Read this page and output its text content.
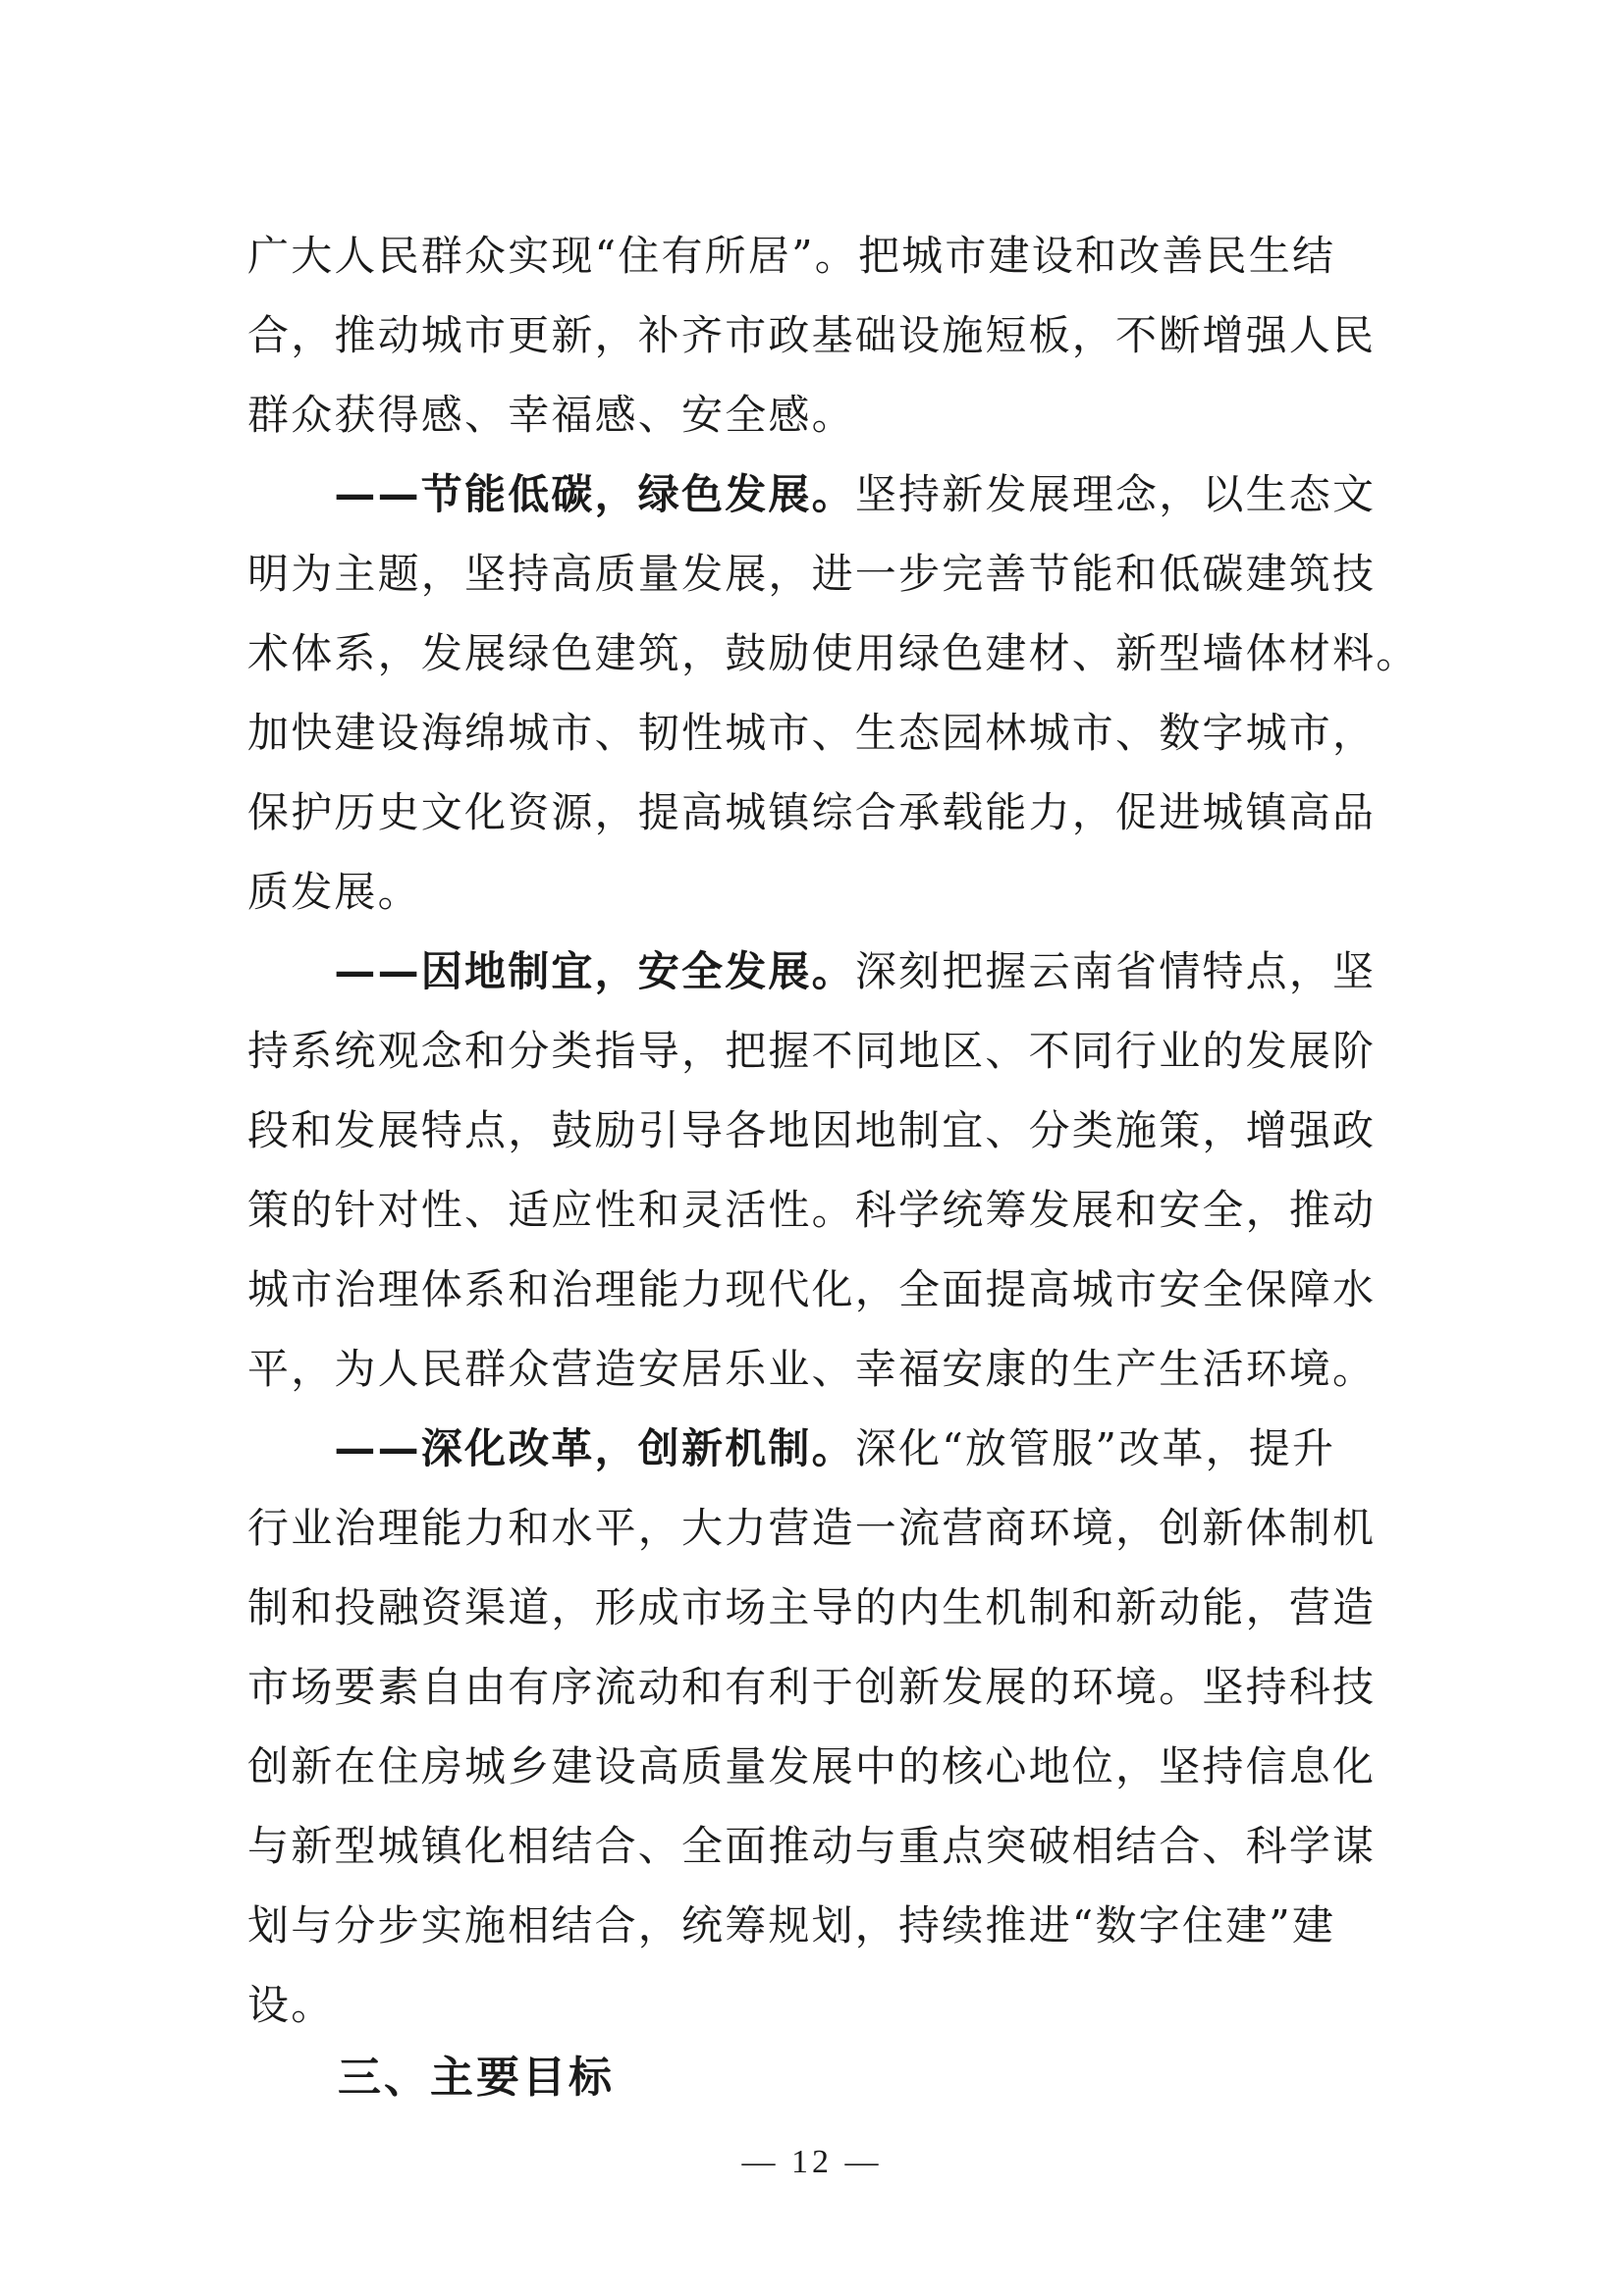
广大人民群众实现“住有所居”。把城市建设和改善民生结
合，推动城市更新，补齐市政基础设施短板，不断增强人民
群众获得感、幸福感、安全感。
　　——节能低碳，绿色发展。坚持新发展理念，以生态文
明为主题，坚持高质量发展，进一步完善节能和低碳建筑技
术体系，发展绿色建筑，鼓励使用绿色建材、新型墙体材料。
加快建设海绵城市、韧性城市、生态园林城市、数字城市，
保护历史文化资源，提高城镇综合承载能力，促进城镇高品
质发展。
　　——因地制宜，安全发展。深刻把握云南省情特点，坚
持系统观念和分类指导，把握不同地区、不同行业的发展阶
段和发展特点，鼓励引导各地因地制宜、分类施策，增强政
策的针对性、适应性和灵活性。科学统筹发展和安全，推动
城市治理体系和治理能力现代化，全面提高城市安全保障水
平，为人民群众营造安居乐业、幸福安康的生产生活环境。
　　——深化改革，创新机制。深化“放管服”改革，提升
行业治理能力和水平，大力营造一流营商环境，创新体制机
制和投融资渠道，形成市场主导的内生机制和新动能，营造
市场要素自由有序流动和有利于创新发展的环境。坚持科技
创新在住房城乡建设高质量发展中的核心地位，坚持信息化
与新型城镇化相结合、全面推动与重点突破相结合、科学谋
划与分步实施相结合，统筹规划，持续推进“数字住建”建
设。
三、主要目标
— 12 —
